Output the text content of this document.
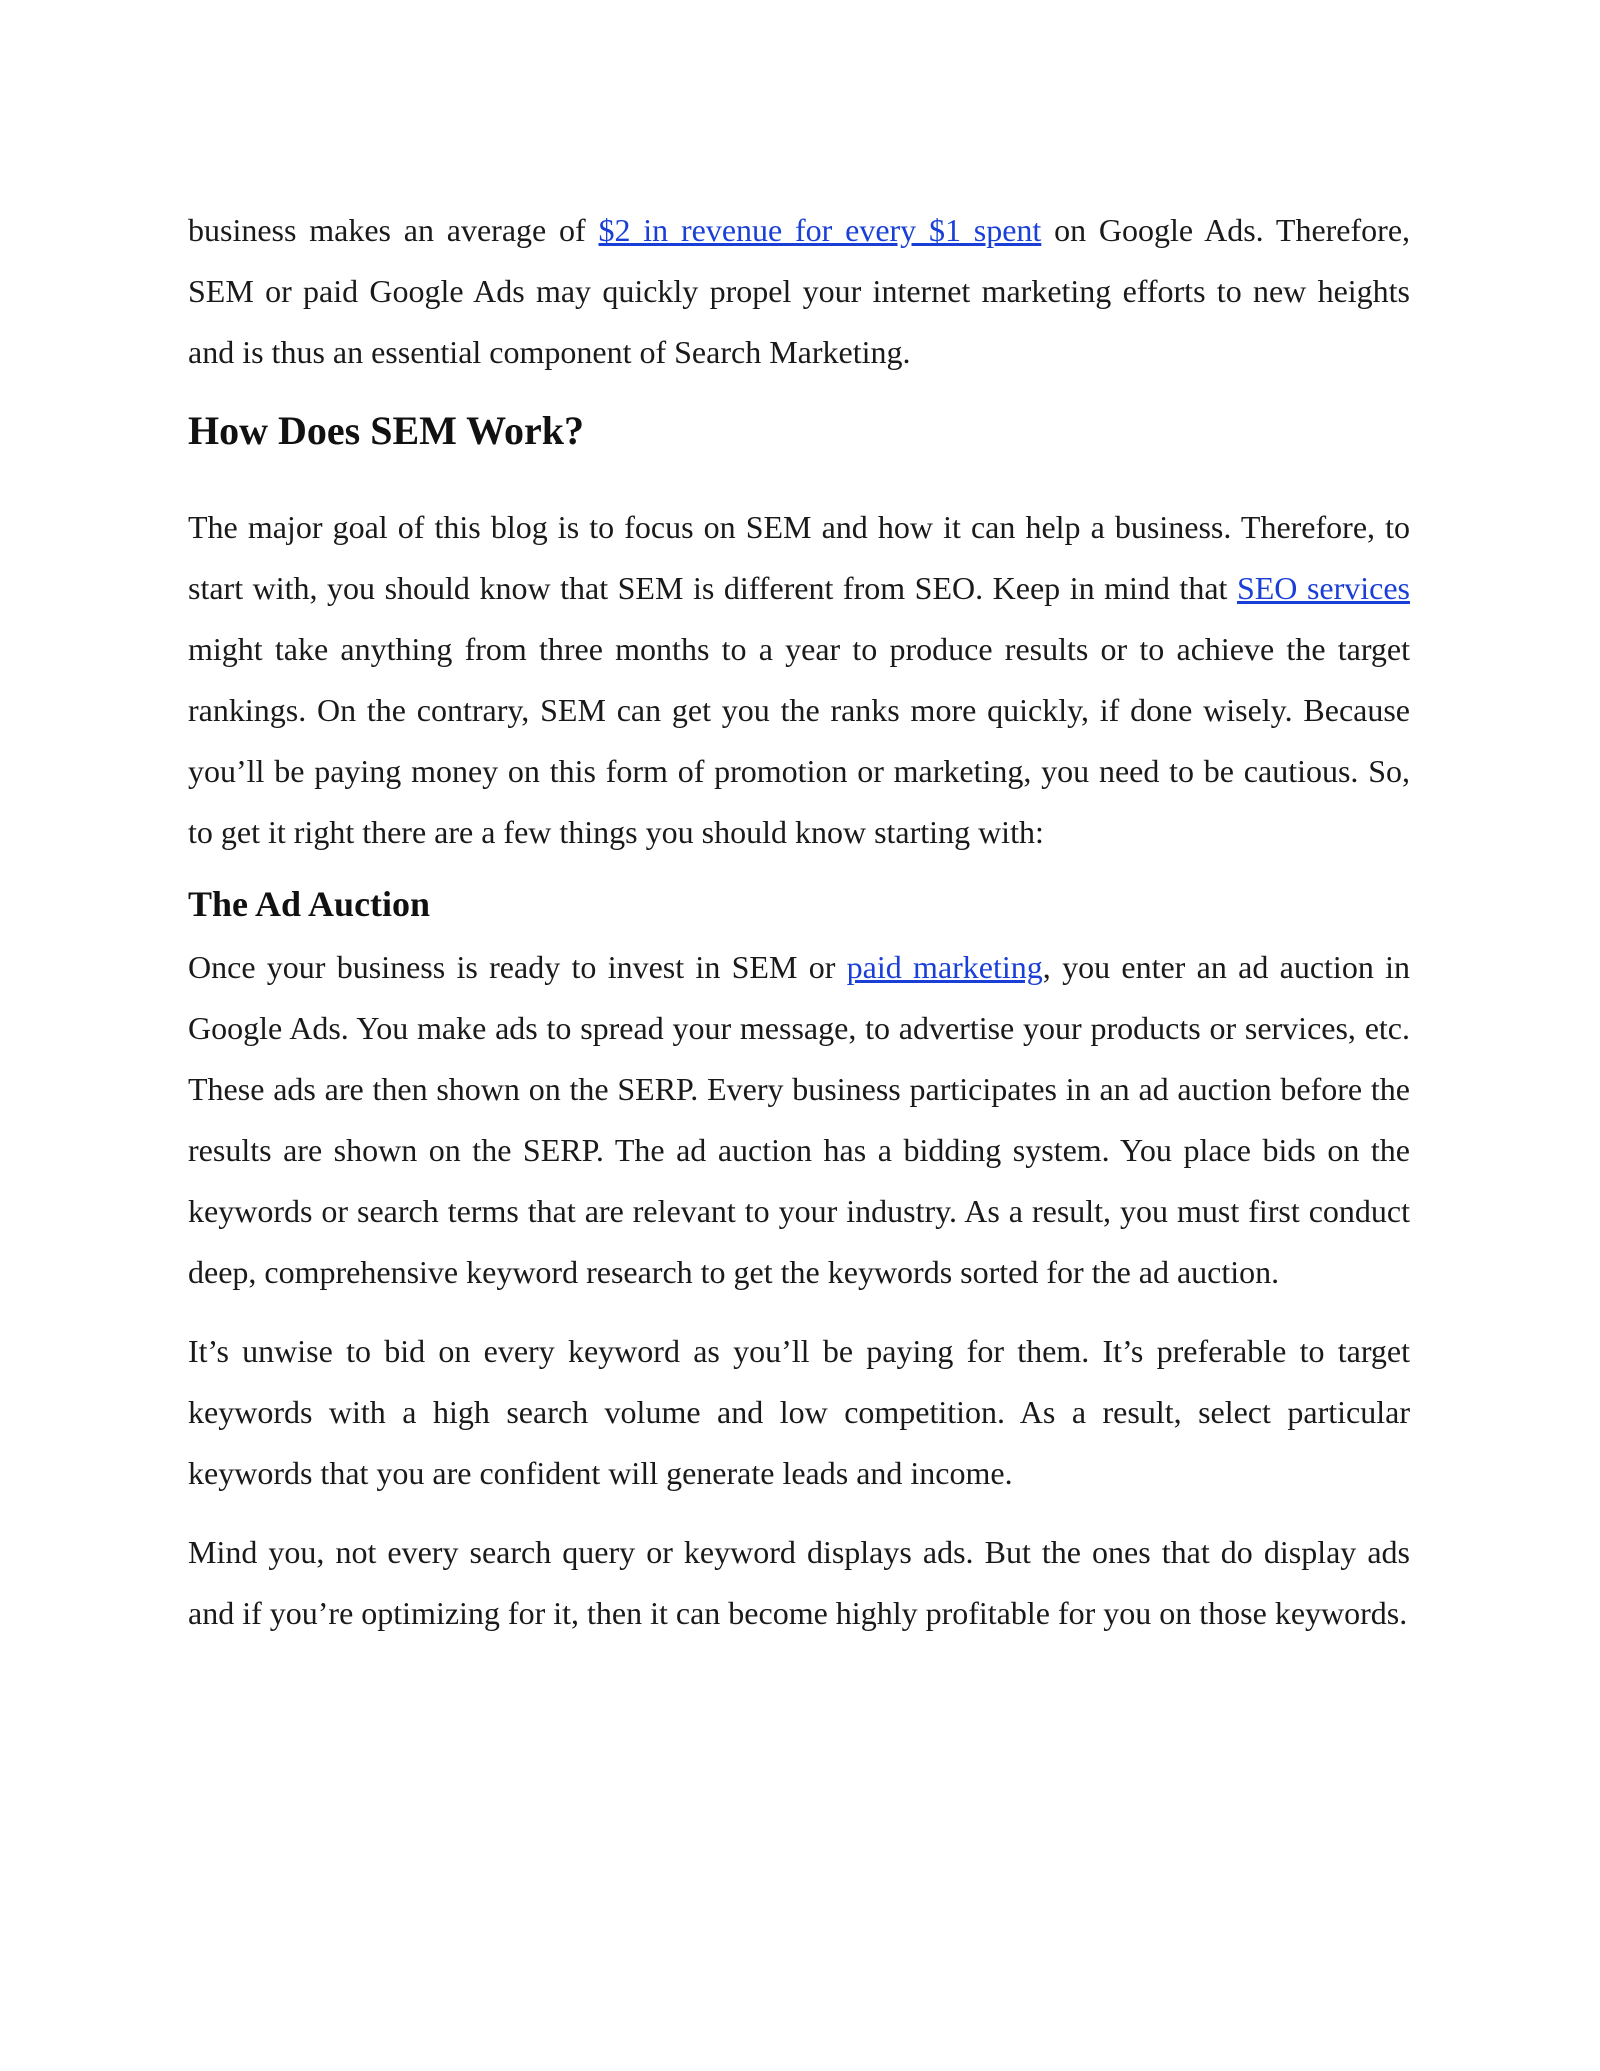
business makes an average of $2 in revenue for every $1 spent on Google Ads. Therefore, SEM or paid Google Ads may quickly propel your internet marketing efforts to new heights and is thus an essential component of Search Marketing.

How Does SEM Work?

The major goal of this blog is to focus on SEM and how it can help a business. Therefore, to start with, you should know that SEM is different from SEO. Keep in mind that SEO services might take anything from three months to a year to produce results or to achieve the target rankings. On the contrary, SEM can get you the ranks more quickly, if done wisely. Because you’ll be paying money on this form of promotion or marketing, you need to be cautious. So, to get it right there are a few things you should know starting with:

The Ad Auction

Once your business is ready to invest in SEM or paid marketing, you enter an ad auction in Google Ads. You make ads to spread your message, to advertise your products or services, etc. These ads are then shown on the SERP. Every business participates in an ad auction before the results are shown on the SERP. The ad auction has a bidding system. You place bids on the keywords or search terms that are relevant to your industry. As a result, you must first conduct deep, comprehensive keyword research to get the keywords sorted for the ad auction.

It’s unwise to bid on every keyword as you’ll be paying for them. It’s preferable to target keywords with a high search volume and low competition. As a result, select particular keywords that you are confident will generate leads and income.

Mind you, not every search query or keyword displays ads. But the ones that do display ads and if you’re optimizing for it, then it can become highly profitable for you on those keywords.
